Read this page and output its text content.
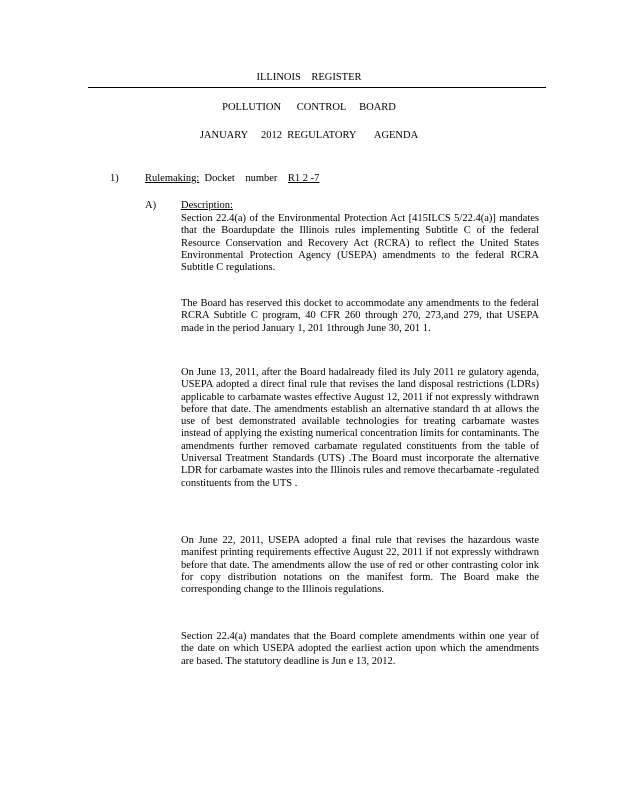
ILLINOIS    REGISTER
POLLUTION      CONTROL     BOARD
JANUARY     2012  REGULATORY       AGENDA
1)	Rulemaking:  Docket    number    R1 2 -7
A) Description:

Section 22.4(a) of the Environmental Protection Act [415ILCS 5/22.4(a)] mandates that the Boardupdate the Illinois rules implementing Subtitle C of the federal Resource Conservation and Recovery Act (RCRA) to reflect the United States Environmental Protection Agency (USEPA) amendments to the federal RCRA Subtitle C regulations.

The Board has reserved this docket to accommodate any amendments to the federal RCRA Subtitle C program, 40 CFR 260 through 270, 273,and 279, that USEPA made in the period January 1, 201 1through June 30, 201 1.

On June 13, 2011, after the Board hadalready filed its July 2011 re gulatory agenda, USEPA adopted a direct final rule that revises the land disposal restrictions (LDRs) applicable to carbamate wastes effective August 12, 2011 if not expressly withdrawn before that date. The amendments establish an alternative standard th at allows the use of best demonstrated available technologies for treating carbamate wastes instead of applying the existing numerical concentration limits for contaminants. The amendments further removed carbamate regulated constituents from the table of Universal Treatment Standards (UTS) .The Board must incorporate the alternative LDR for carbamate wastes into the Illinois rules and remove thecarbamate -regulated constituents from the UTS .

On June 22, 2011, USEPA adopted a final rule that revises the hazardous waste manifest printing requirements effective August 22, 2011 if not expressly withdrawn before that date. The amendments allow the use of red or other contrasting color ink for copy distribution notations on the manifest form. The Board make the corresponding change to the Illinois regulations.

Section 22.4(a) mandates that the Board complete amendments within one year of the date on which USEPA adopted the earliest action upon which the amendments are based. The statutory deadline is Jun e 13, 2012.
